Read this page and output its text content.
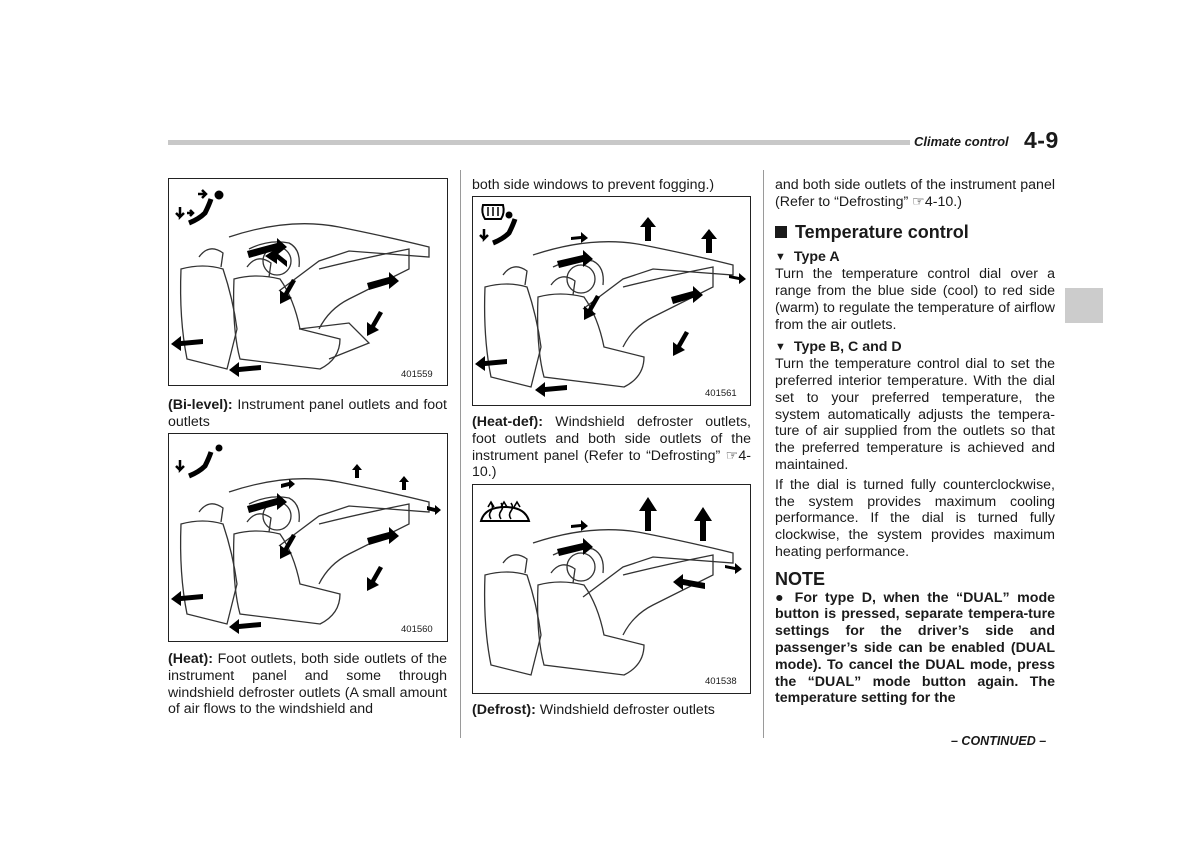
Climate control 4-9
401559

(Bi-level): Instrument panel outlets and foot outlets

401560

(Heat): Foot outlets, both side outlets of the instrument panel and some through windshield defroster outlets (A small amount of air flows to the windshield and

both side windows to prevent fogging.)

401561

(Heat-def): Windshield defroster outlets, foot outlets and both side outlets of the instrument panel (Refer to “Defrosting” ☞4-10.)

401538

(Defrost): Windshield defroster outlets

and both side outlets of the instrument panel (Refer to “Defrosting” ☞4-10.)

Temperature control
▼ Type A

Turn the temperature control dial over a range from the blue side (cool) to red side (warm) to regulate the temperature of airflow from the air outlets.

▼ Type B, C and D

Turn the temperature control dial to set the preferred interior temperature. With the dial set to your preferred temperature, the system automatically adjusts the tempera-ture of air supplied from the outlets so that the preferred temperature is achieved and maintained.

If the dial is turned fully counterclockwise, the system provides maximum cooling performance. If the dial is turned fully clockwise, the system provides maximum heating performance.

NOTE

● For type D, when the “DUAL” mode button is pressed, separate tempera-ture settings for the driver’s side and passenger’s side can be enabled (DUAL mode). To cancel the DUAL mode, press the “DUAL” mode button again. The temperature setting for the

– CONTINUED –
